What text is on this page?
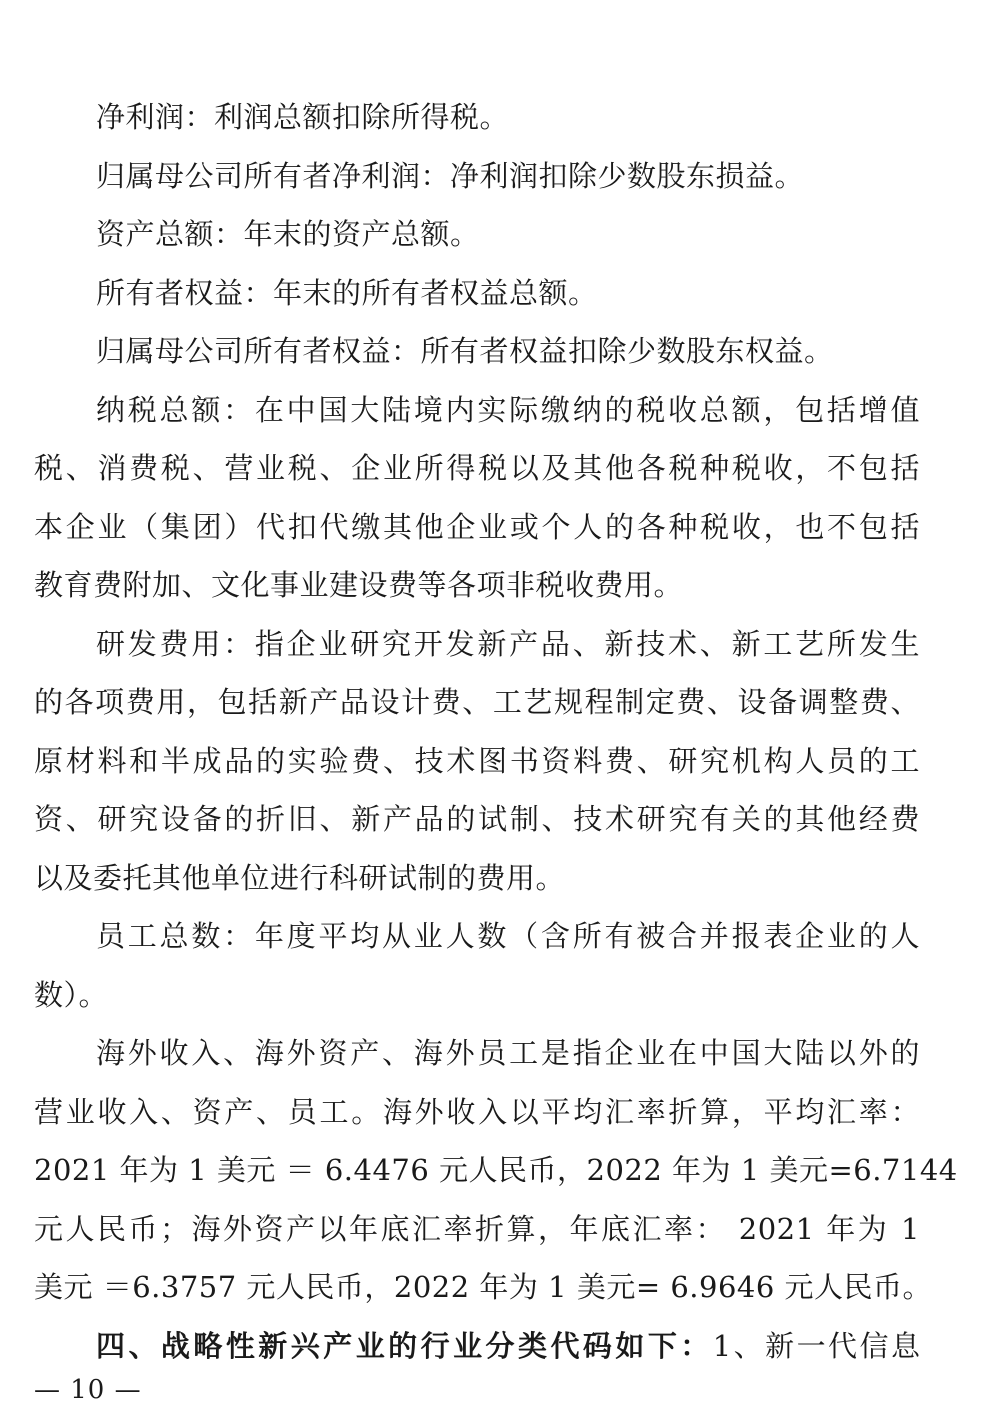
净利润：利润总额扣除所得税。

归属母公司所有者净利润：净利润扣除少数股东损益。

资产总额：年末的资产总额。

所有者权益：年末的所有者权益总额。

归属母公司所有者权益：所有者权益扣除少数股东权益。

纳税总额：在中国大陆境内实际缴纳的税收总额，包括增值
税、消费税、营业税、企业所得税以及其他各税种税收，不包括
本企业（集团）代扣代缴其他企业或个人的各种税收，也不包括
教育费附加、文化事业建设费等各项非税收费用。

研发费用：指企业研究开发新产品、新技术、新工艺所发生
的各项费用，包括新产品设计费、工艺规程制定费、设备调整费、
原材料和半成品的实验费、技术图书资料费、研究机构人员的工
资、研究设备的折旧、新产品的试制、技术研究有关的其他经费
以及委托其他单位进行科研试制的费用。

员工总数：年度平均从业人数（含所有被合并报表企业的人
数）。

海外收入、海外资产、海外员工是指企业在中国大陆以外的
营业收入、资产、员工。海外收入以平均汇率折算，平均汇率：
2021 年为 1 美元 ＝ 6.4476 元人民币，2022 年为 1 美元=6.7144
元人民币；海外资产以年底汇率折算，年底汇率： 2021 年为 1
美元 ＝6.3757 元人民币，2022 年为 1 美元= 6.9646 元人民币。

四、战略性新兴产业的行业分类代码如下：1、新一代信息

— 10 —
